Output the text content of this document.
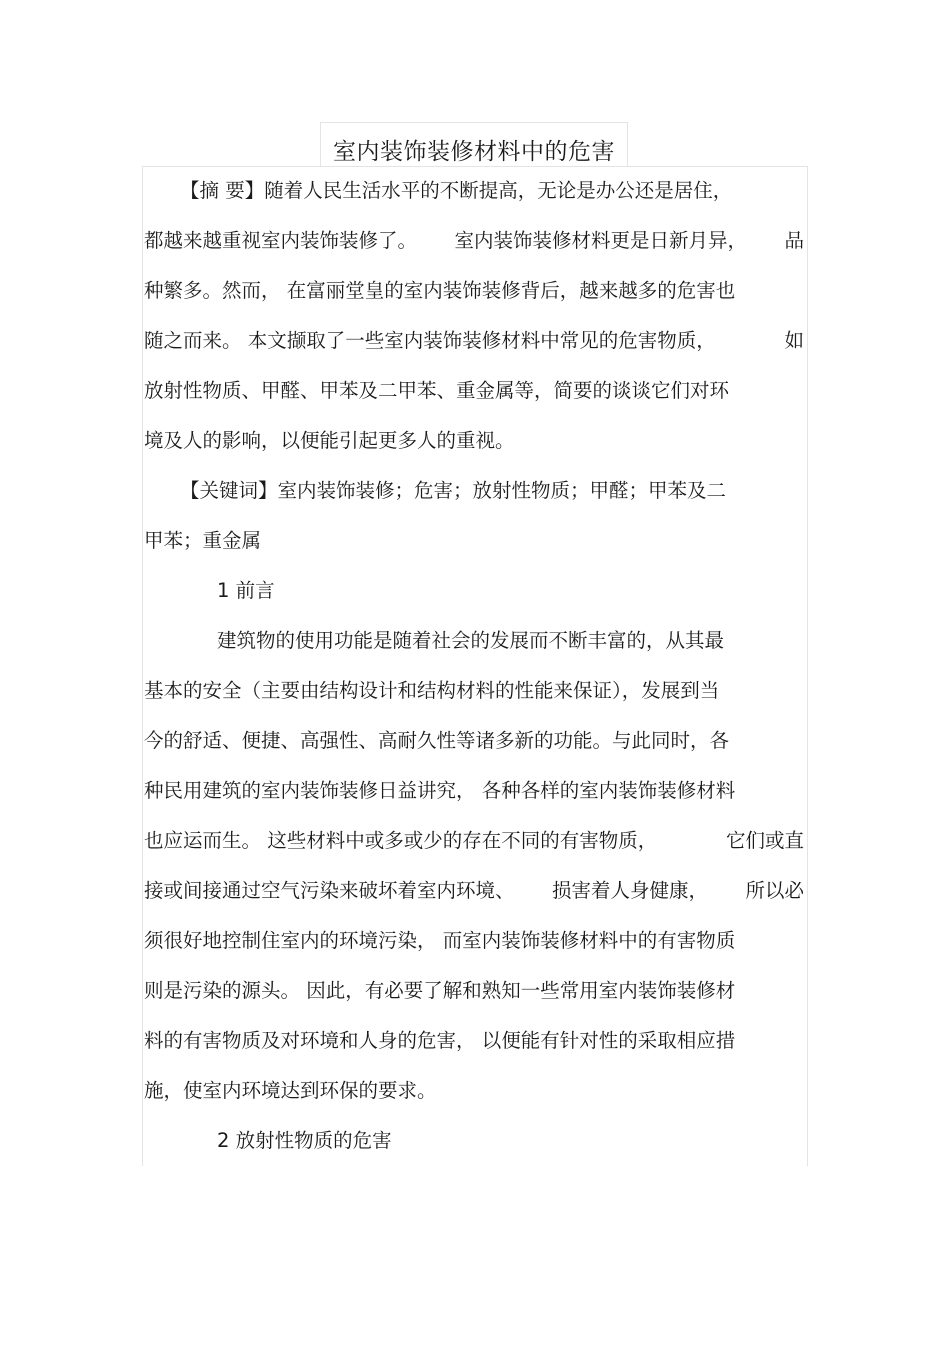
室内装饰装修材料中的危害
【摘 要】随着人民生活水平的不断提高，无论是办公还是居住，
都越来越重视室内装饰装修了。 室内装饰装修材料更是日新月异， 品
种繁多。然而， 在富丽堂皇的室内装饰装修背后，越来越多的危害也
随之而来。 本文撷取了一些室内装饰装修材料中常见的危害物质，	如
放射性物质、甲醛、甲苯及二甲苯、重金属等，简要的谈谈它们对环
境及人的影响，以便能引起更多人的重视。
【关键词】室内装饰装修；危害；放射性物质；甲醛；甲苯及二
甲苯；重金属
1 前言
建筑物的使用功能是随着社会的发展而不断丰富的，从其最
基本的安全（主要由结构设计和结构材料的性能来保证），发展到当
今的舒适、便捷、高强性、高耐久性等诸多新的功能。与此同时，各
种民用建筑的室内装饰装修日益讲究， 各种各样的室内装饰装修材料
也应运而生。 这些材料中或多或少的存在不同的有害物质，	它们或直
接或间接通过空气污染来破坏着室内环境、 损害着人身健康， 所以必
须很好地控制住室内的环境污染， 而室内装饰装修材料中的有害物质
则是污染的源头。 因此，有必要了解和熟知一些常用室内装饰装修材
料的有害物质及对环境和人身的危害， 以便能有针对性的采取相应措
施，使室内环境达到环保的要求。
2 放射性物质的危害
